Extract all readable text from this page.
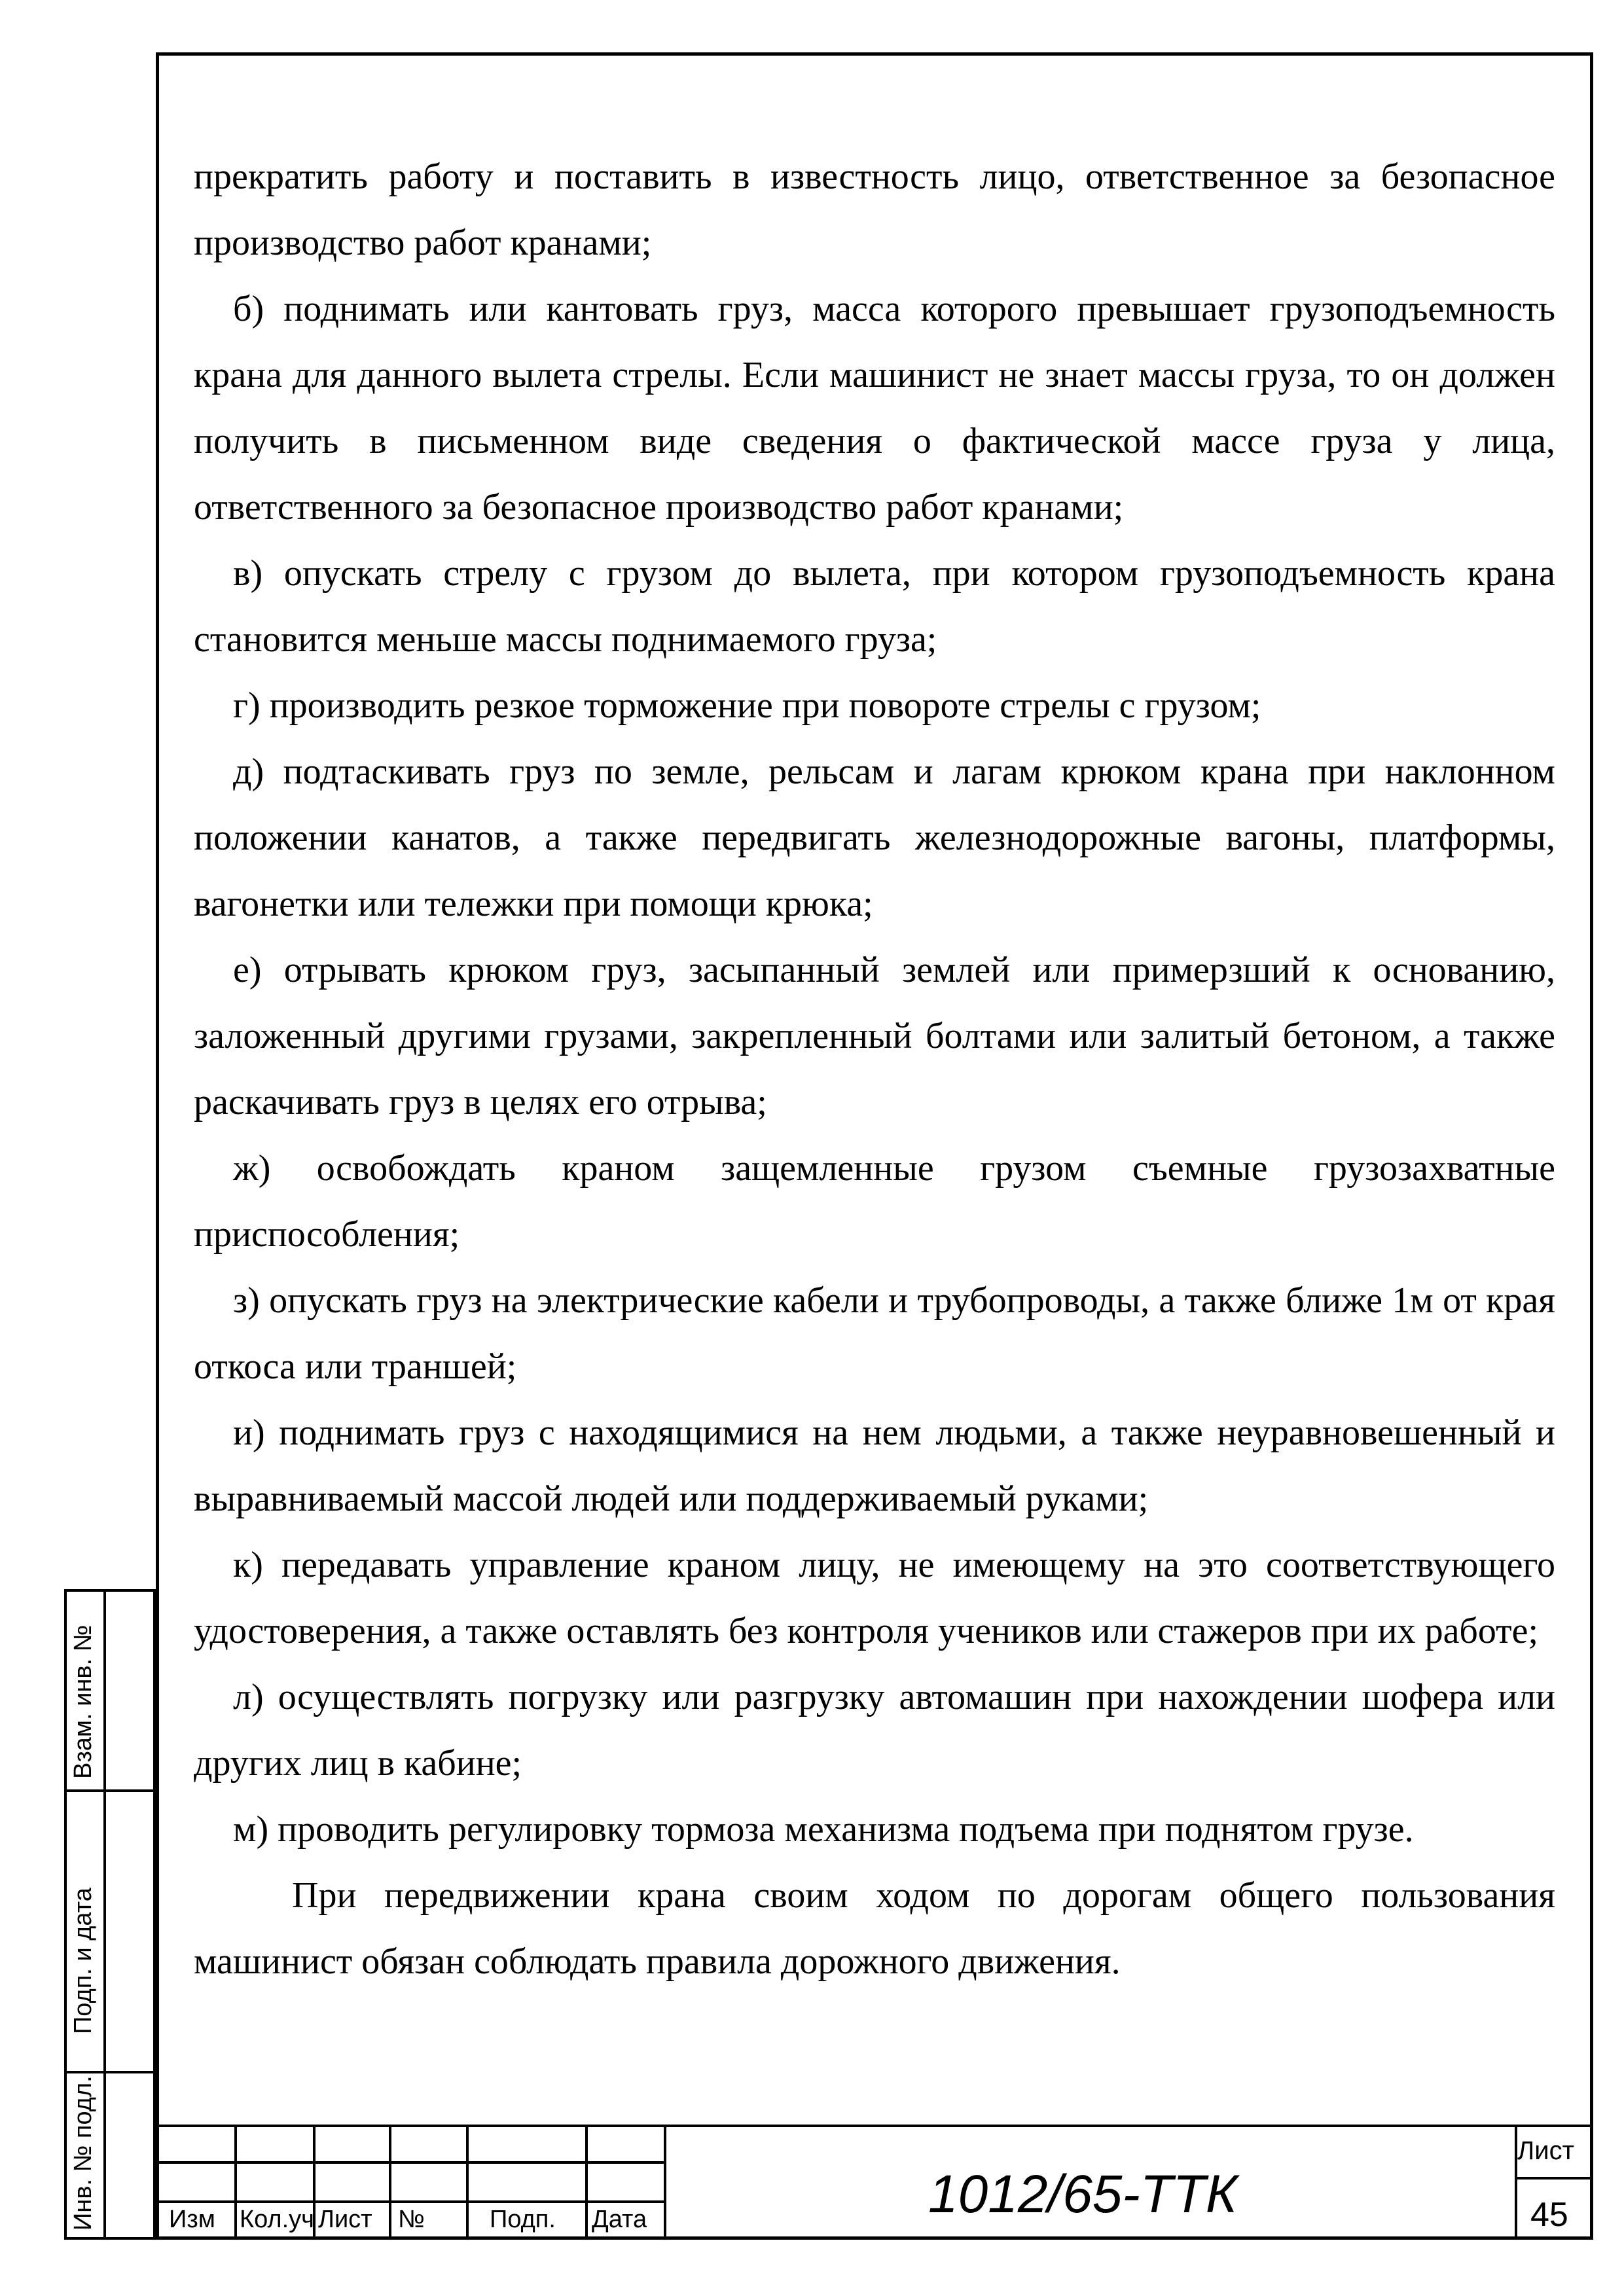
прекратить работу и поставить в известность лицо, ответственное за безопасное производство работ кранами;

б) поднимать или кантовать груз, масса которого превышает грузоподъемность крана для данного вылета стрелы. Если машинист не знает массы груза, то он должен получить в письменном виде сведения о фактической массе груза у лица, ответственного за безопасное производство работ кранами;

в) опускать стрелу с грузом до вылета, при котором грузоподъемность крана становится меньше массы поднимаемого груза;

г) производить резкое торможение при повороте стрелы с грузом;

д) подтаскивать груз по земле, рельсам и лагам крюком крана при наклонном положении канатов, а также передвигать железнодорожные вагоны, платформы, вагонетки или тележки при помощи крюка;

е) отрывать крюком груз, засыпанный землей или примерзший к основанию, заложенный другими грузами, закрепленный болтами или залитый бетоном, а также раскачивать груз в целях его отрыва;

ж) освобождать краном защемленные грузом съемные грузозахватные приспособления;

з) опускать груз на электрические кабели и трубопроводы, а также ближе 1м от края откоса или траншей;

и) поднимать груз с находящимися на нем людьми, а также неуравновешенный и выравниваемый массой людей или поддерживаемый руками;

к) передавать управление краном лицу, не имеющему на это соответствующего удостоверения, а также оставлять без контроля учеников или стажеров при их работе;

л) осуществлять погрузку или разгрузку автомашин при нахождении шофера или других лиц в кабине;

м) проводить регулировку тормоза механизма подъема при поднятом грузе.

При передвижении крана своим ходом по дорогам общего пользования машинист обязан соблюдать правила дорожного движения.

Изм Кол.уч Лист №	Подп. Дата	1012/65-ТТК
Лист
45
Взам. инв. №
Подп. и дата
Инв. № подл.
